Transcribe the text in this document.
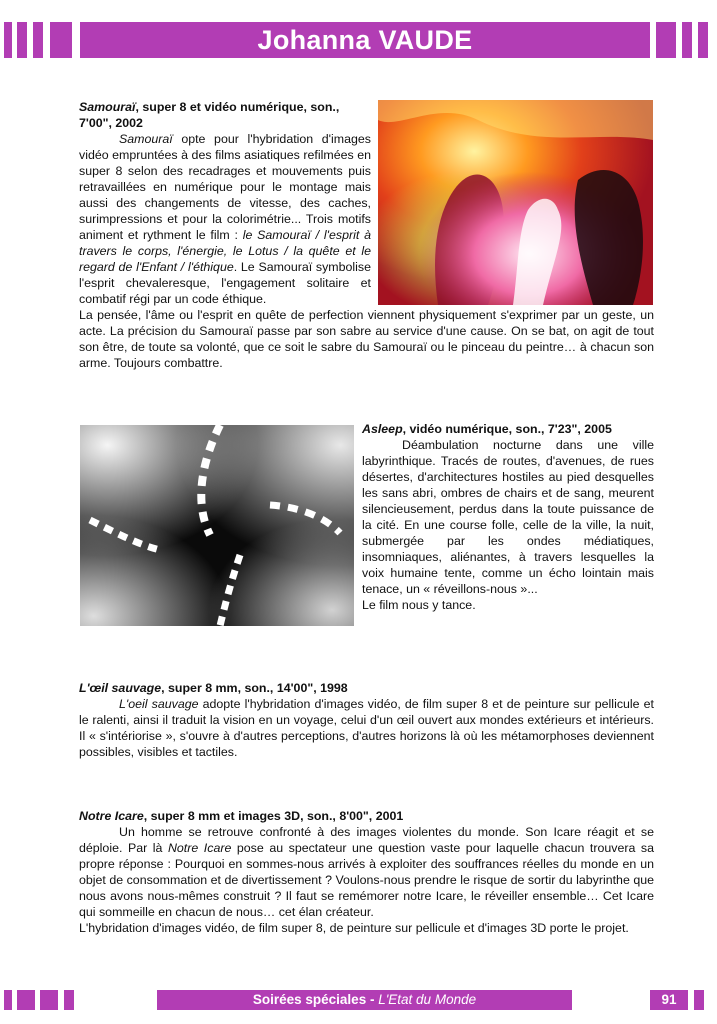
Johanna VAUDE
Samouraï, super 8 et vidéo numérique, son., 7'00", 2002

Samouraï opte pour l'hybridation d'images vidéo empruntées à des films asiatiques refilmées en super 8 selon des recadrages et mouvements puis retravaillées en numérique pour le montage mais aussi des changements de vitesse, des caches, surimpressions et pour la colorimétrie... Trois motifs animent et rythment le film : le Samouraï / l'esprit à travers le corps, l'énergie, le Lotus / la quête et le regard de l'Enfant / l'éthique. Le Samouraï symbolise l'esprit chevaleresque, l'engagement solitaire et combatif régi par un code éthique.

La pensée, l'âme ou l'esprit en quête de perfection viennent physiquement s'exprimer par un geste, un acte. La précision du Samouraï passe par son sabre au service d'une cause. On se bat, on agit de tout son être, de toute sa volonté, que ce soit le sabre du Samouraï ou le pinceau du peintre… à chacun son arme. Toujours combattre.

Asleep, vidéo numérique, son., 7'23", 2005

Déambulation nocturne dans une ville labyrinthique. Tracés de routes, d'avenues, de rues désertes, d'architectures hostiles au pied desquelles les sans abri, ombres de chairs et de sang, meurent silencieusement, perdus dans la toute puissance de la cité. En une course folle, celle de la ville, la nuit, submergée par les ondes médiatiques, insomniaques, aliénantes, à travers lesquelles la voix humaine tente, comme un écho lointain mais tenace, un « réveillons-nous »...

Le film nous y tance.

L'œil sauvage, super 8 mm, son., 14'00", 1998

L'oeil sauvage adopte l'hybridation d'images vidéo, de film super 8 et de peinture sur pellicule et le ralenti, ainsi il traduit la vision en un voyage, celui d'un œil ouvert aux mondes extérieurs et intérieurs. Il « s'intériorise », s'ouvre à d'autres perceptions, d'autres horizons là où les métamorphoses deviennent possibles, visibles et tactiles.

Notre Icare, super 8 mm et images 3D, son., 8'00", 2001

Un homme se retrouve confronté à des images violentes du monde. Son Icare réagit et se déploie. Par là Notre Icare pose au spectateur une question vaste pour laquelle chacun trouvera sa propre réponse : Pourquoi en sommes-nous arrivés à exploiter des souffrances réelles du monde en un objet de consommation et de divertissement ? Voulons-nous prendre le risque de sortir du labyrinthe que nous avons nous-mêmes construit ? Il faut se remémorer notre Icare, le réveiller ensemble… Cet Icare qui sommeille en chacun de nous… cet élan créateur.

L'hybridation d'images vidéo, de film super 8, de peinture sur pellicule et d'images 3D porte le projet.

Soirées spéciales - L'Etat du Monde	91
